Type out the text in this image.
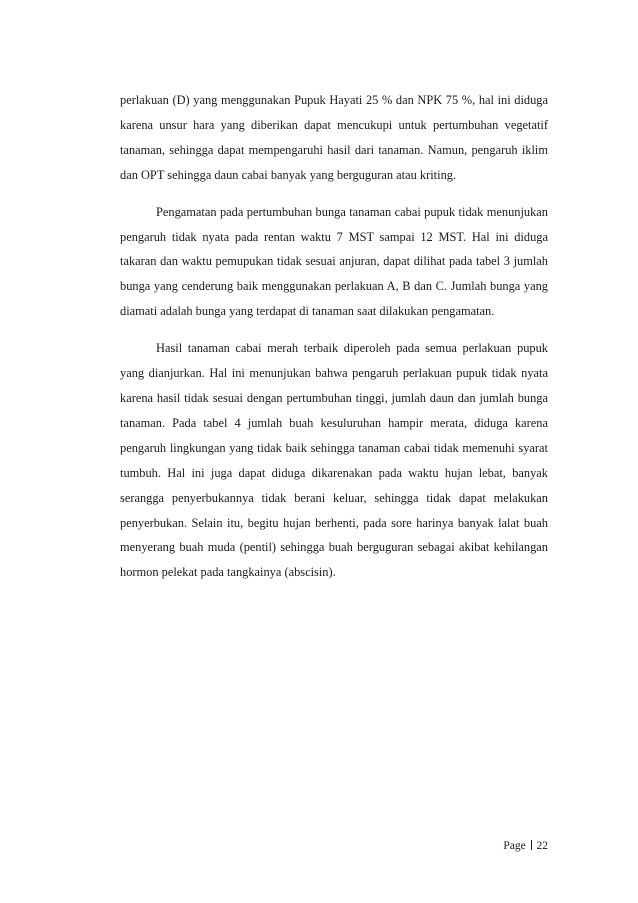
perlakuan (D) yang menggunakan Pupuk Hayati 25 % dan NPK 75 %, hal ini diduga karena unsur hara yang diberikan dapat mencukupi untuk pertumbuhan vegetatif tanaman, sehingga dapat mempengaruhi hasil dari tanaman. Namun, pengaruh iklim dan OPT sehingga daun cabai banyak yang berguguran atau kriting.

Pengamatan pada pertumbuhan bunga tanaman cabai pupuk tidak menunjukan pengaruh tidak nyata pada rentan waktu 7 MST sampai 12 MST. Hal ini diduga takaran dan waktu pemupukan tidak sesuai anjuran, dapat dilihat pada tabel 3 jumlah bunga yang cenderung baik menggunakan perlakuan A, B dan C. Jumlah bunga yang diamati adalah bunga yang terdapat di tanaman saat dilakukan pengamatan.

Hasil tanaman cabai merah terbaik diperoleh pada semua perlakuan pupuk yang dianjurkan. Hal ini menunjukan bahwa pengaruh perlakuan pupuk tidak nyata karena hasil tidak sesuai dengan pertumbuhan tinggi, jumlah daun dan jumlah bunga tanaman. Pada tabel 4 jumlah buah kesuluruhan hampir merata, diduga karena pengaruh lingkungan yang tidak baik sehingga tanaman cabai tidak memenuhi syarat tumbuh. Hal ini juga dapat diduga dikarenakan pada waktu hujan lebat, banyak serangga penyerbukannya tidak berani keluar, sehingga tidak dapat melakukan penyerbukan. Selain itu, begitu hujan berhenti, pada sore harinya banyak lalat buah menyerang buah muda (pentil) sehingga buah berguguran sebagai akibat kehilangan hormon pelekat pada tangkainya (abscisin).

Page 22
